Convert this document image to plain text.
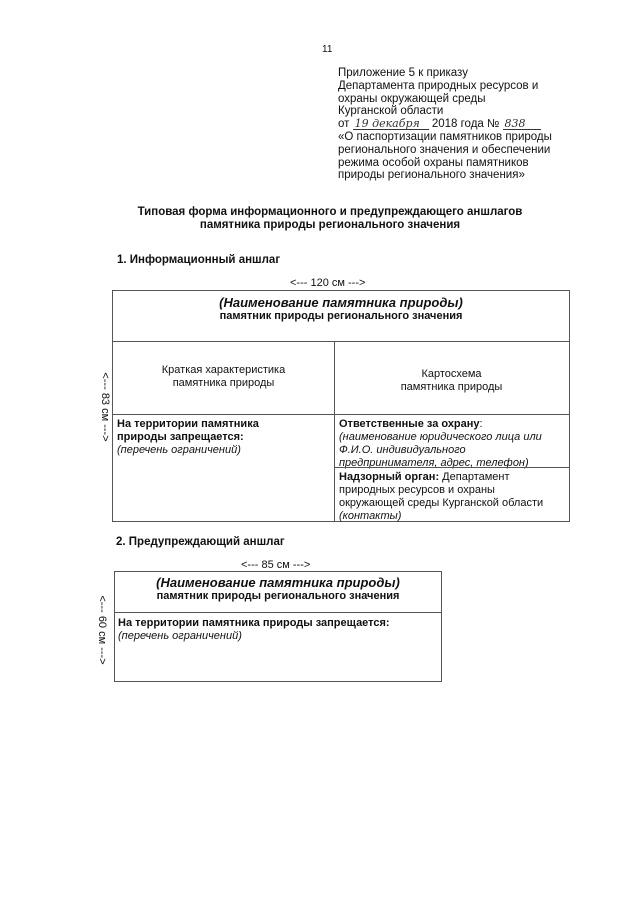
11
Приложение 5 к приказу
Департамента природных ресурсов и
охраны окружающей среды
Курганской области
от 19 декабря 2018 года № 838
«О паспортизации памятников природы
регионального значения и обеспечении
режима особой охраны памятников
природы регионального значения»
Типовая форма информационного и предупреждающего аншлагов
памятника природы регионального значения
1. Информационный аншлаг
<--- 120 см --->
<--- 83 см --->
(Наименование памятника природы)
памятник природы регионального значения
Краткая характеристика
памятника природы
Картосхема
памятника природы
На территории памятника
природы запрещается:
(перечень ограничений)
Ответственные за охрану:
(наименование юридического лица или
Ф.И.О. индивидуального
предпринимателя, адрес, телефон)
Надзорный орган: Департамент
природных ресурсов и охраны
окружающей среды Курганской области
(контакты)
2. Предупреждающий аншлаг
<--- 85 см --->
<--- 60 см --->
(Наименование памятника природы)
памятник природы регионального значения
На территории памятника природы запрещается:
(перечень ограничений)
